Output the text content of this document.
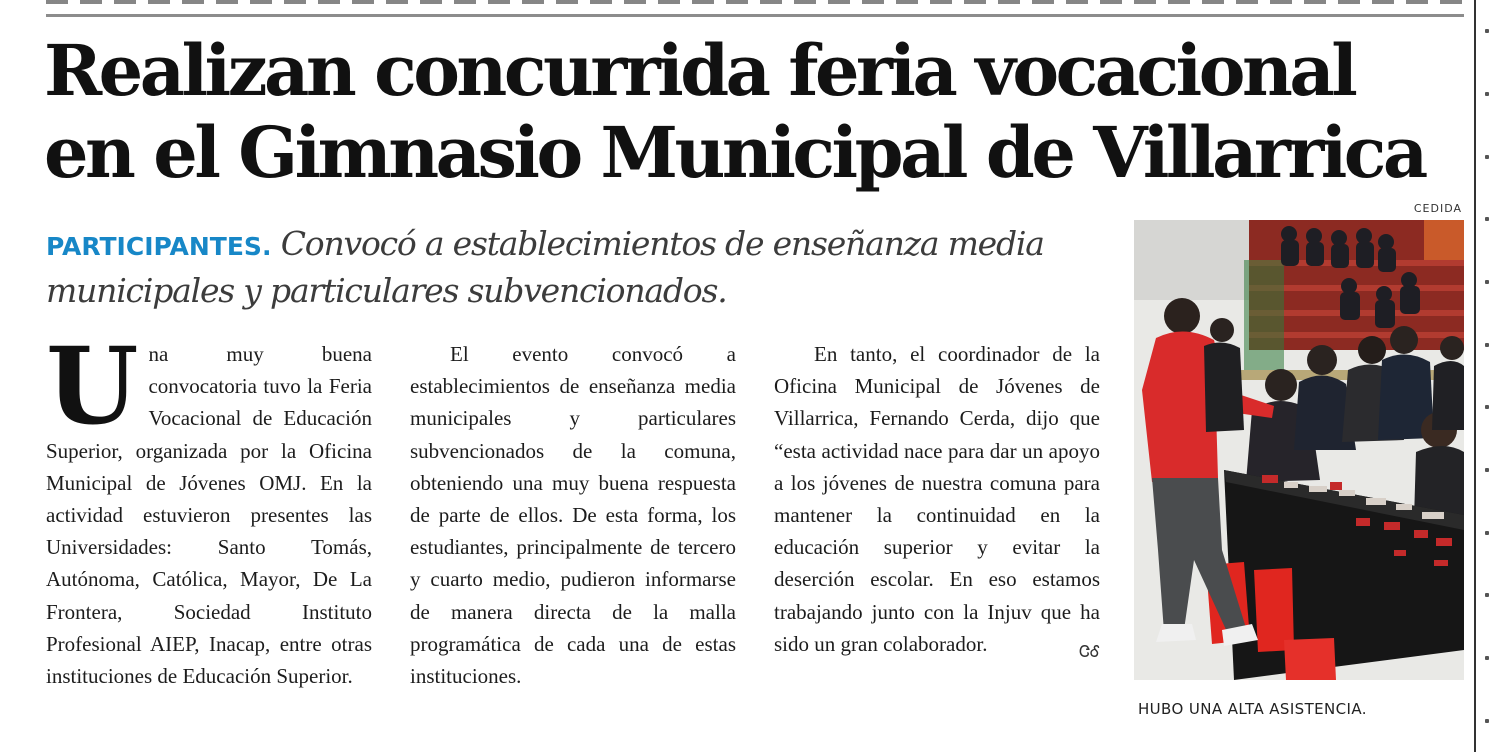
Realizan concurrida feria vocacional
en el Gimnasio Municipal de Villarrica

PARTICIPANTES. Convocó a establecimientos de enseñanza media municipales y particulares subvencionados.

U na muy buena convocatoria tuvo la Feria Vocacional de Educación Superior, organizada por la Oficina Municipal de Jóvenes OMJ. En la actividad estuvieron presentes las Universidades: Santo Tomás, Autónoma, Católica, Mayor, De La Frontera, Sociedad Instituto Profesional AIEP, Inacap, entre otras instituciones de Educación Superior.

El evento convocó a establecimientos de enseñanza media municipales y particulares subvencionados de la comuna, obteniendo una muy buena respuesta de parte de ellos. De esta forma, los estudiantes, principalmente de tercero y cuarto medio, pudieron informarse de manera directa de la malla programática de cada una de estas instituciones.

En tanto, el coordinador de la Oficina Municipal de Jóvenes de Villarrica, Fernando Cerda, dijo que “esta actividad nace para dar un apoyo a los jóvenes de nuestra comuna para mantener la continuidad en la educación superior y evitar la deserción escolar. En eso estamos trabajando junto con la Injuv que ha sido un gran colaborador.	ᏣᎴ

CEDIDA
HUBO UNA ALTA ASISTENCIA.
